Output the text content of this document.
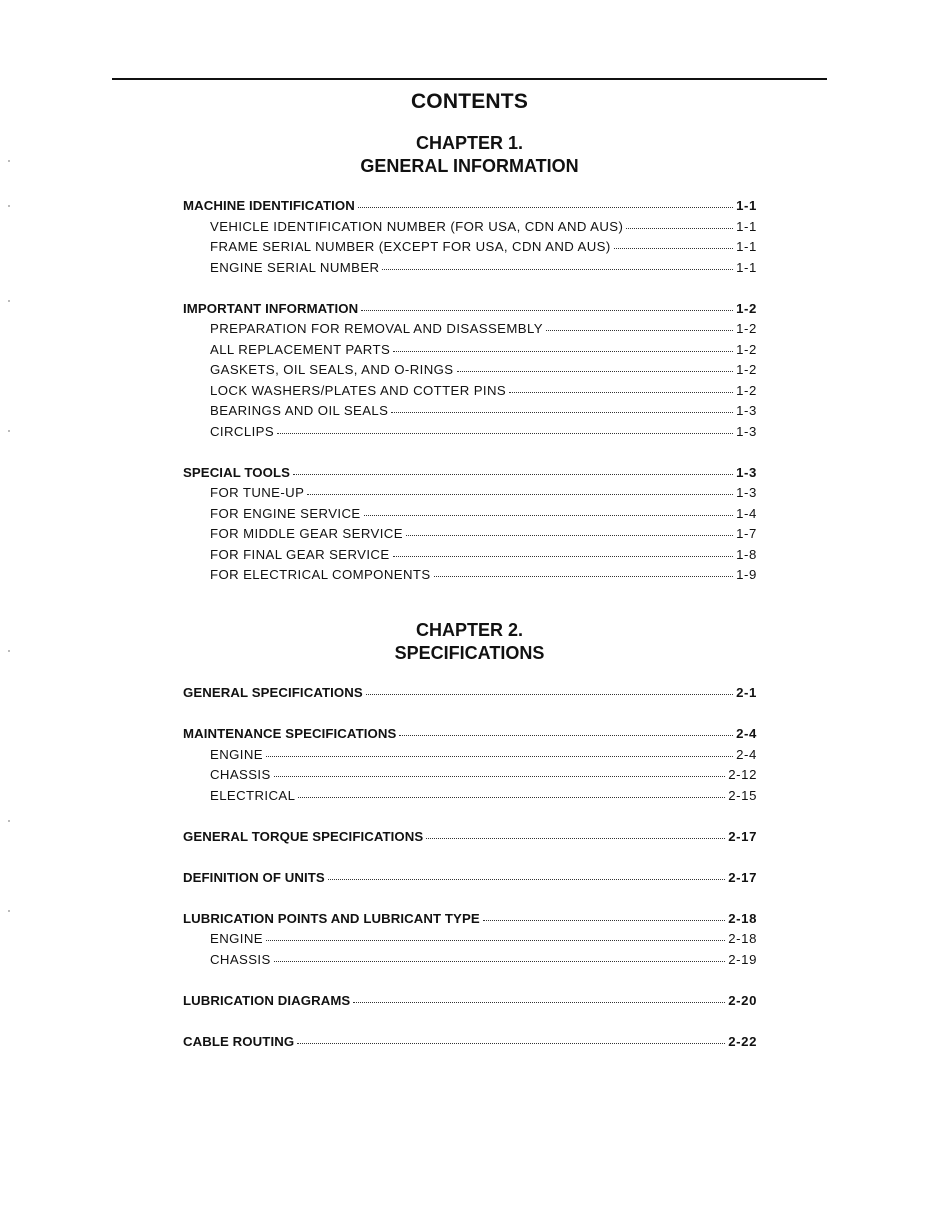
CONTENTS
CHAPTER 1.
GENERAL INFORMATION
MACHINE IDENTIFICATION	1-1
VEHICLE IDENTIFICATION NUMBER (FOR USA, CDN AND AUS)	1-1
FRAME SERIAL NUMBER (EXCEPT FOR USA, CDN AND AUS)	1-1
ENGINE SERIAL NUMBER	1-1
IMPORTANT INFORMATION	1-2
PREPARATION FOR REMOVAL AND DISASSEMBLY	1-2
ALL REPLACEMENT PARTS	1-2
GASKETS, OIL SEALS, AND O-RINGS	1-2
LOCK WASHERS/PLATES AND COTTER PINS	1-2
BEARINGS AND OIL SEALS	1-3
CIRCLIPS	1-3
SPECIAL TOOLS	1-3
FOR TUNE-UP	1-3
FOR ENGINE SERVICE	1-4
FOR MIDDLE GEAR SERVICE	1-7
FOR FINAL GEAR SERVICE	1-8
FOR ELECTRICAL COMPONENTS	1-9
CHAPTER 2.
SPECIFICATIONS
GENERAL SPECIFICATIONS	2-1
MAINTENANCE SPECIFICATIONS	2-4
ENGINE	2-4
CHASSIS	2-12
ELECTRICAL	2-15
GENERAL TORQUE SPECIFICATIONS	2-17
DEFINITION OF UNITS	2-17
LUBRICATION POINTS AND LUBRICANT TYPE	2-18
ENGINE	2-18
CHASSIS	2-19
LUBRICATION DIAGRAMS	2-20
CABLE ROUTING	2-22
